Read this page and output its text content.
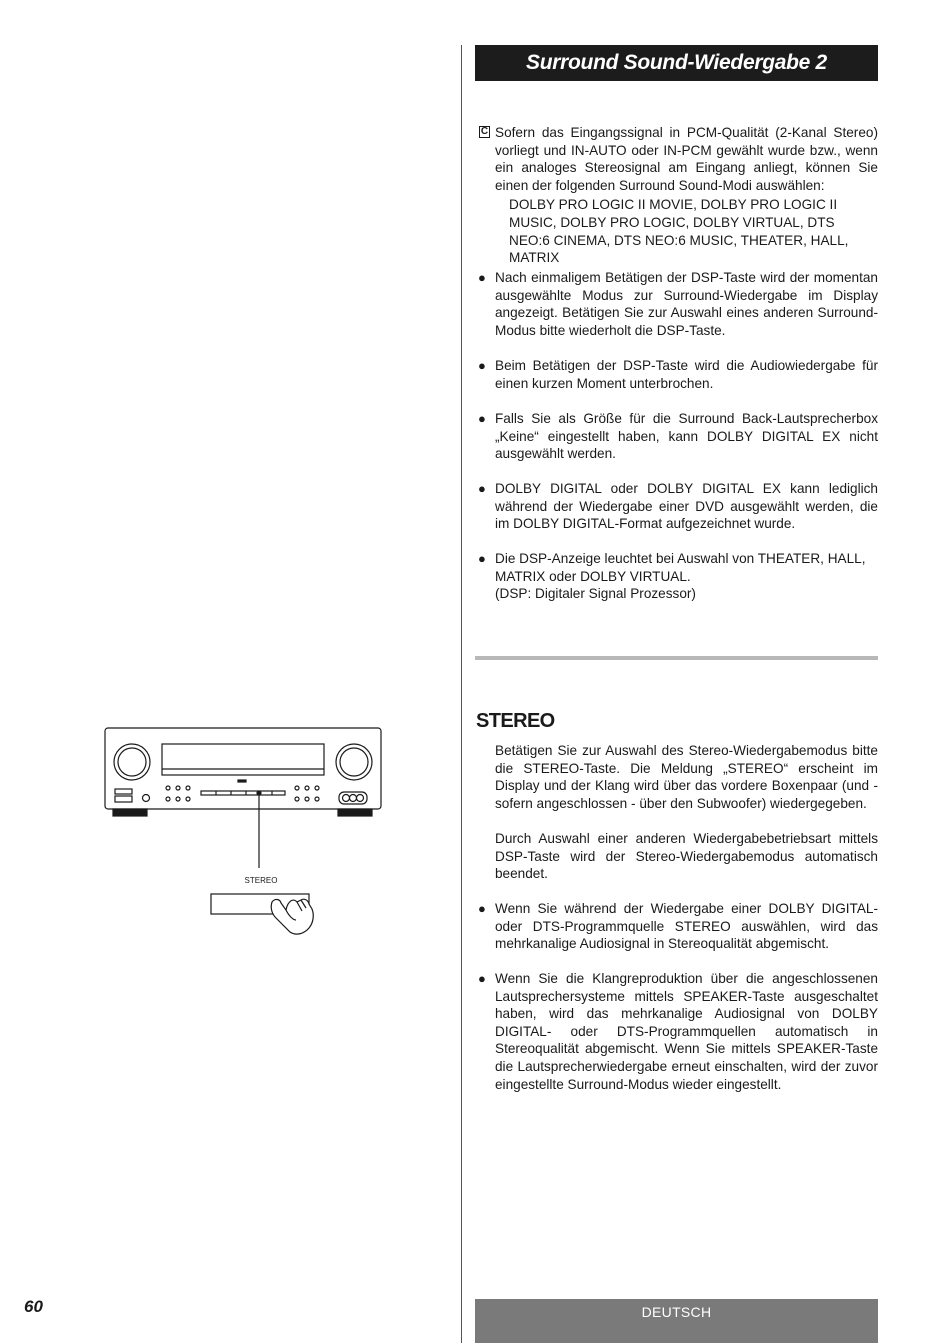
Surround Sound-Wiedergabe 2
C Sofern das Eingangssignal in PCM-Qualität (2-Kanal Stereo) vorliegt und IN-AUTO oder IN-PCM gewählt wurde bzw., wenn ein analoges Stereosignal am Eingang anliegt, können Sie einen der folgenden Surround Sound-Modi auswählen:
DOLBY PRO LOGIC II MOVIE, DOLBY PRO LOGIC II MUSIC, DOLBY PRO LOGIC, DOLBY VIRTUAL, DTS NEO:6 CINEMA, DTS NEO:6 MUSIC, THEATER, HALL, MATRIX
● Nach einmaligem Betätigen der DSP-Taste wird der momentan ausgewählte Modus zur Surround-Wiedergabe im Display angezeigt. Betätigen Sie zur Auswahl eines anderen Surround-Modus bitte wiederholt die DSP-Taste.
● Beim Betätigen der DSP-Taste wird die Audiowiedergabe für einen kurzen Moment unterbrochen.
● Falls Sie als Größe für die Surround Back-Lautsprecherbox „Keine“ eingestellt haben, kann DOLBY DIGITAL EX nicht ausgewählt werden.
● DOLBY DIGITAL oder DOLBY DIGITAL EX kann lediglich während der Wiedergabe einer DVD ausgewählt werden, die im DOLBY DIGITAL-Format aufgezeichnet wurde.
● Die DSP-Anzeige leuchtet bei Auswahl von THEATER, HALL, MATRIX oder DOLBY VIRTUAL.
(DSP: Digitaler Signal Prozessor)
STEREO
Betätigen Sie zur Auswahl des Stereo-Wiedergabemodus bitte die STEREO-Taste. Die Meldung „STEREO“ erscheint im Display und der Klang wird über das vordere Boxenpaar (und - sofern angeschlossen - über den Subwoofer) wiedergegeben.
Durch Auswahl einer anderen Wiedergabebetriebsart mittels DSP-Taste wird der Stereo-Wiedergabemodus automatisch beendet.
● Wenn Sie während der Wiedergabe einer DOLBY DIGITAL- oder DTS-Programmquelle STEREO auswählen, wird das mehrkanalige Audiosignal in Stereoqualität abgemischt.
● Wenn Sie die Klangreproduktion über die angeschlossenen Lautsprechersysteme mittels SPEAKER-Taste ausgeschaltet haben, wird das mehrkanalige Audiosignal von DOLBY DIGITAL- oder DTS-Programmquellen automatisch in Stereoqualität abgemischt. Wenn Sie mittels SPEAKER-Taste die Lautsprecherwiedergabe erneut einschalten, wird der zuvor eingestellte Surround-Modus wieder eingestellt.
STEREO
60	DEUTSCH
